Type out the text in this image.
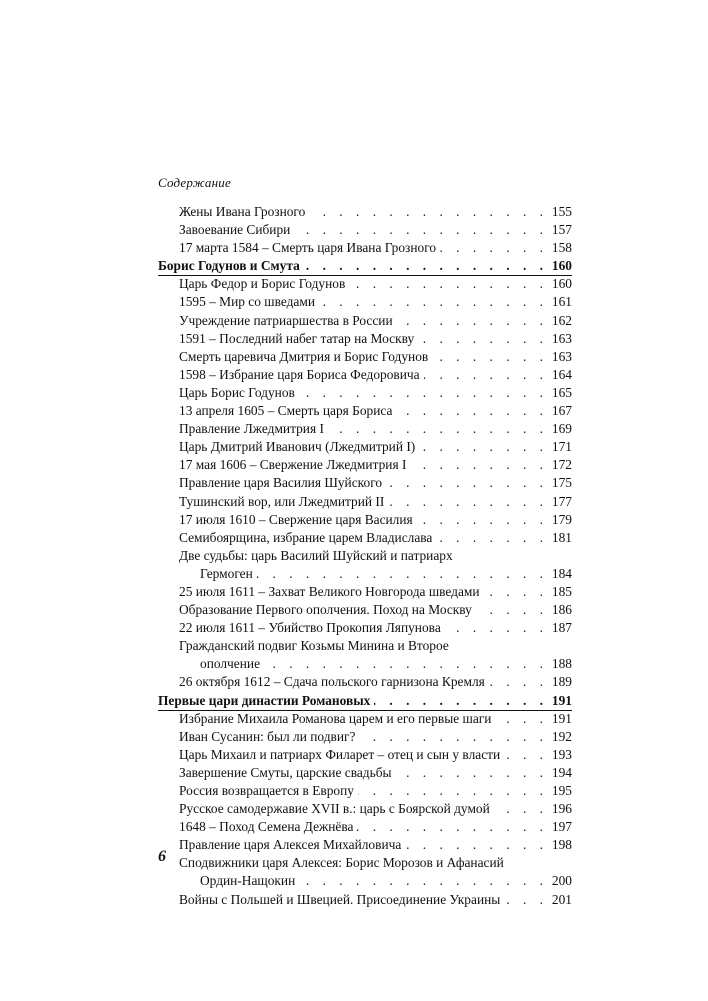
Содержание
Жены Ивана Грозного . . .	155
Завоевание Сибири . . .	157
17 марта 1584 – Смерть царя Ивана Грозного . . .	158
Борис Годунов и Смута . . .	160
Царь Федор и Борис Годунов . . .	160
1595 – Мир со шведами . . .	161
Учреждение патриаршества в России . . .	162
1591 – Последний набег татар на Москву . . .	163
Смерть царевича Дмитрия и Борис Годунов . . .	163
1598 – Избрание царя Бориса Федоровича . . .	164
Царь Борис Годунов . . .	165
13 апреля 1605 – Смерть царя Бориса . . .	167
Правление Лжедмитрия I . . .	169
Царь Дмитрий Иванович (Лжедмитрий I) . . .	171
17 мая 1606 – Свержение Лжедмитрия I . . .	172
Правление царя Василия Шуйского . . .	175
Тушинский вор, или Лжедмитрий II . . .	177
17 июля 1610 – Свержение царя Василия . . .	179
Семибоярщина, избрание царем Владислава . . .	181
Две судьбы: царь Василий Шуйский и патриарх
Гермоген . . .	184
25 июля 1611 – Захват Великого Новгорода шведами . . .	185
Образование Первого ополчения. Поход на Москву . . .	186
22 июля 1611 – Убийство Прокопия Ляпунова . . .	187
Гражданский подвиг Козьмы Минина и Второе
ополчение . . .	188
26 октября 1612 – Сдача польского гарнизона Кремля . . .	189
Первые цари династии Романовых . . .	191
Избрание Михаила Романова царем и его первые шаги . . .	191
Иван Сусанин: был ли подвиг? . . .	192
Царь Михаил и патриарх Филарет – отец и сын у власти . . .	193
Завершение Смуты, царские свадьбы . . .	194
Россия возвращается в Европу . . .	195
Русское самодержавие XVII в.: царь с Боярской думой . . .	196
1648 – Поход Семена Дежнёва . . .	197
Правление царя Алексея Михайловича . . .	198
Сподвижники царя Алексея: Борис Морозов и Афанасий
Ордин-Нащокин . . .	200
Войны с Польшей и Швецией. Присоединение Украины . . .	201
6
